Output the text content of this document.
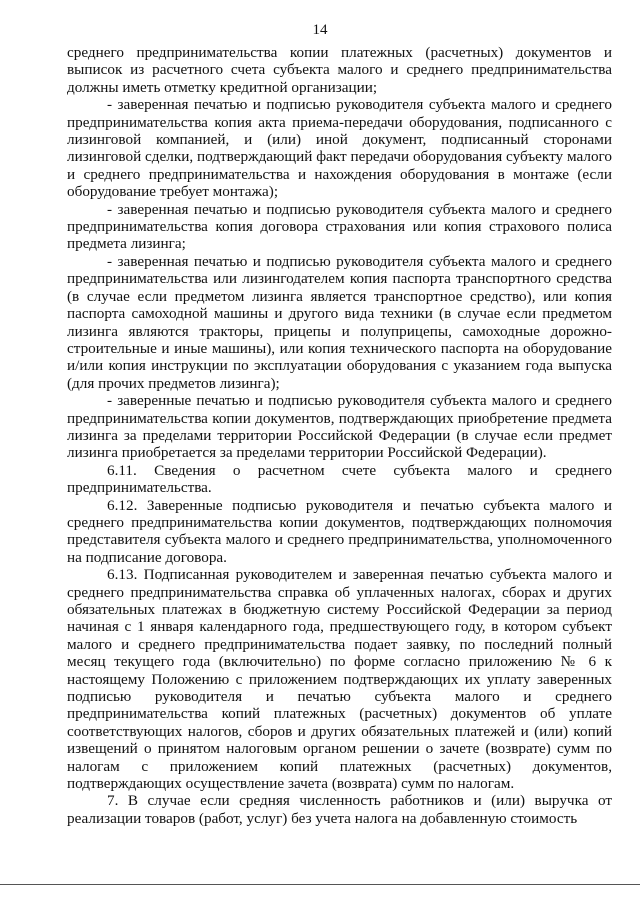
14

среднего предпринимательства копии платежных (расчетных) документов и выписок из расчетного счета субъекта малого и среднего предпринимательства должны иметь отметку кредитной организации;

- заверенная печатью и подписью руководителя субъекта малого и среднего предпринимательства копия акта приема-передачи оборудования, подписанного с лизинговой компанией, и (или) иной документ, подписанный сторонами лизинговой сделки, подтверждающий факт передачи оборудования субъекту малого и среднего предпринимательства и нахождения оборудования в монтаже (если оборудование требует монтажа);

- заверенная печатью и подписью руководителя субъекта малого и среднего предпринимательства копия договора страхования или копия страхового полиса предмета лизинга;

- заверенная печатью и подписью руководителя субъекта малого и среднего предпринимательства или лизингодателем копия паспорта транспортного средства (в случае если предметом лизинга является транспортное средство), или копия паспорта самоходной машины и другого вида техники (в случае если предметом лизинга являются тракторы, прицепы и полуприцепы, самоходные дорожно-строительные и иные машины), или копия технического паспорта на оборудование и/или копия инструкции по эксплуатации оборудования с указанием года выпуска (для прочих предметов лизинга);

- заверенные печатью и подписью руководителя субъекта малого и среднего предпринимательства копии документов, подтверждающих приобретение предмета лизинга за пределами территории Российской Федерации (в случае если предмет лизинга приобретается за пределами территории Российской Федерации).

6.11. Сведения о расчетном счете субъекта малого и среднего предпринимательства.

6.12. Заверенные подписью руководителя и печатью субъекта малого и среднего предпринимательства копии документов, подтверждающих полномочия представителя субъекта малого и среднего предпринимательства, уполномоченного на подписание договора.

6.13. Подписанная руководителем и заверенная печатью субъекта малого и среднего предпринимательства справка об уплаченных налогах, сборах и других обязательных платежах в бюджетную систему Российской Федерации за период начиная с 1 января календарного года, предшествующего году, в котором субъект малого и среднего предпринимательства подает заявку, по последний полный месяц текущего года (включительно) по форме согласно приложению № 6 к настоящему Положению с приложением подтверждающих их уплату заверенных подписью руководителя и печатью субъекта малого и среднего предпринимательства копий платежных (расчетных) документов об уплате соответствующих налогов, сборов и других обязательных платежей и (или) копий извещений о принятом налоговым органом решении о зачете (возврате) сумм по налогам с приложением копий платежных (расчетных) документов, подтверждающих осуществление зачета (возврата) сумм по налогам.

7. В случае если средняя численность работников и (или) выручка от реализации товаров (работ, услуг) без учета налога на добавленную стоимость
